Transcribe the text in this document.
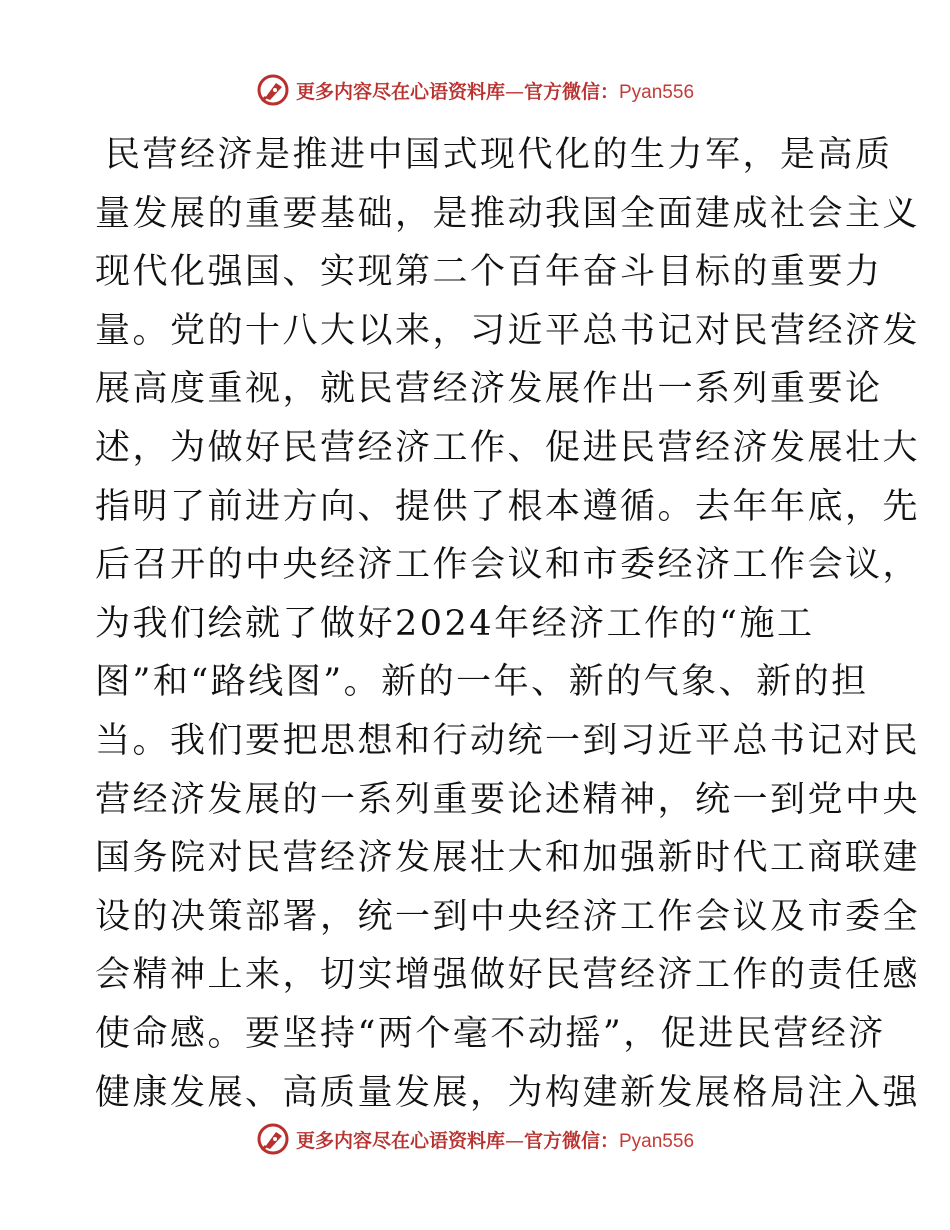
更多内容尽在心语资料库—官方微信：Pyan556
民营经济是推进中国式现代化的生力军，是高质
量发展的重要基础，是推动我国全面建成社会主义
现代化强国、实现第二个百年奋斗目标的重要力
量。党的十八大以来，习近平总书记对民营经济发
展高度重视，就民营经济发展作出一系列重要论
述，为做好民营经济工作、促进民营经济发展壮大
指明了前进方向、提供了根本遵循。去年年底，先
后召开的中央经济工作会议和市委经济工作会议，
为我们绘就了做好2024年经济工作的“施工
图”和“路线图”。新的一年、新的气象、新的担
当。我们要把思想和行动统一到习近平总书记对民
营经济发展的一系列重要论述精神，统一到党中央
国务院对民营经济发展壮大和加强新时代工商联建
设的决策部署，统一到中央经济工作会议及市委全
会精神上来，切实增强做好民营经济工作的责任感
使命感。要坚持“两个毫不动摇”，促进民营经济
健康发展、高质量发展，为构建新发展格局注入强
更多内容尽在心语资料库—官方微信：Pyan556
